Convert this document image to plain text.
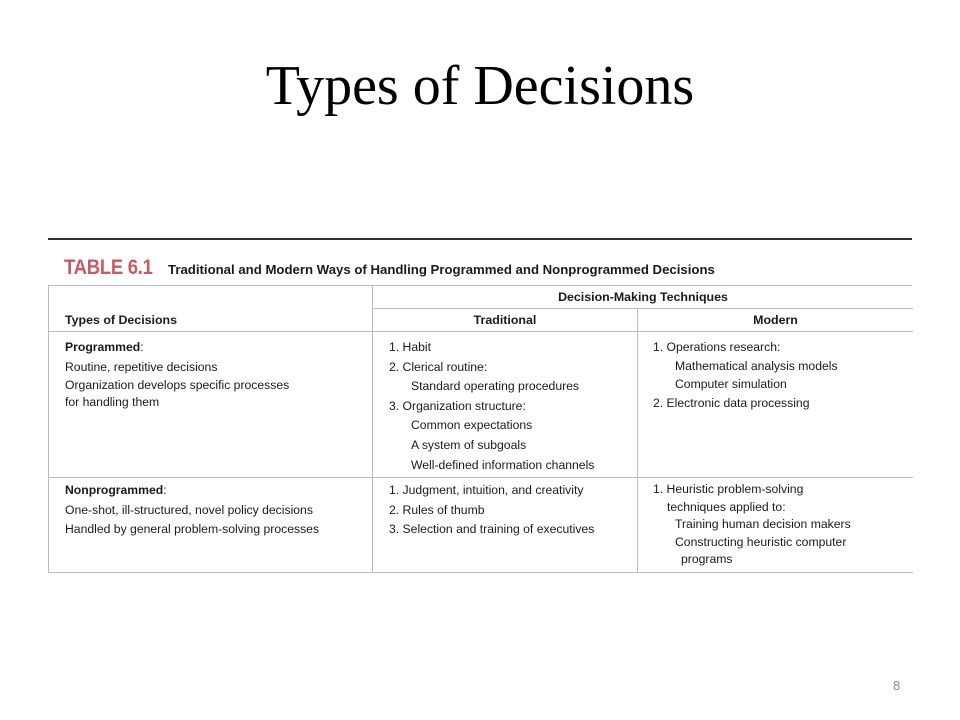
Types of Decisions
TABLE 6.1 Traditional and Modern Ways of Handling Programmed and Nonprogrammed Decisions
Types of Decisions
Decision-Making Techniques
Traditional	Modern
Programmed:
Routine, repetitive decisions
Organization develops specific processes
for handling them
1. Habit
2. Clerical routine:
Standard operating procedures
3. Organization structure:
Common expectations
A system of subgoals
Well-defined information channels
1. Operations research:
Mathematical analysis models
Computer simulation
2. Electronic data processing
Nonprogrammed:
One-shot, ill-structured, novel policy decisions
Handled by general problem-solving processes
1. Judgment, intuition, and creativity
2. Rules of thumb
3. Selection and training of executives
1. Heuristic problem-solving
techniques applied to:
Training human decision makers
Constructing heuristic computer
programs
8
